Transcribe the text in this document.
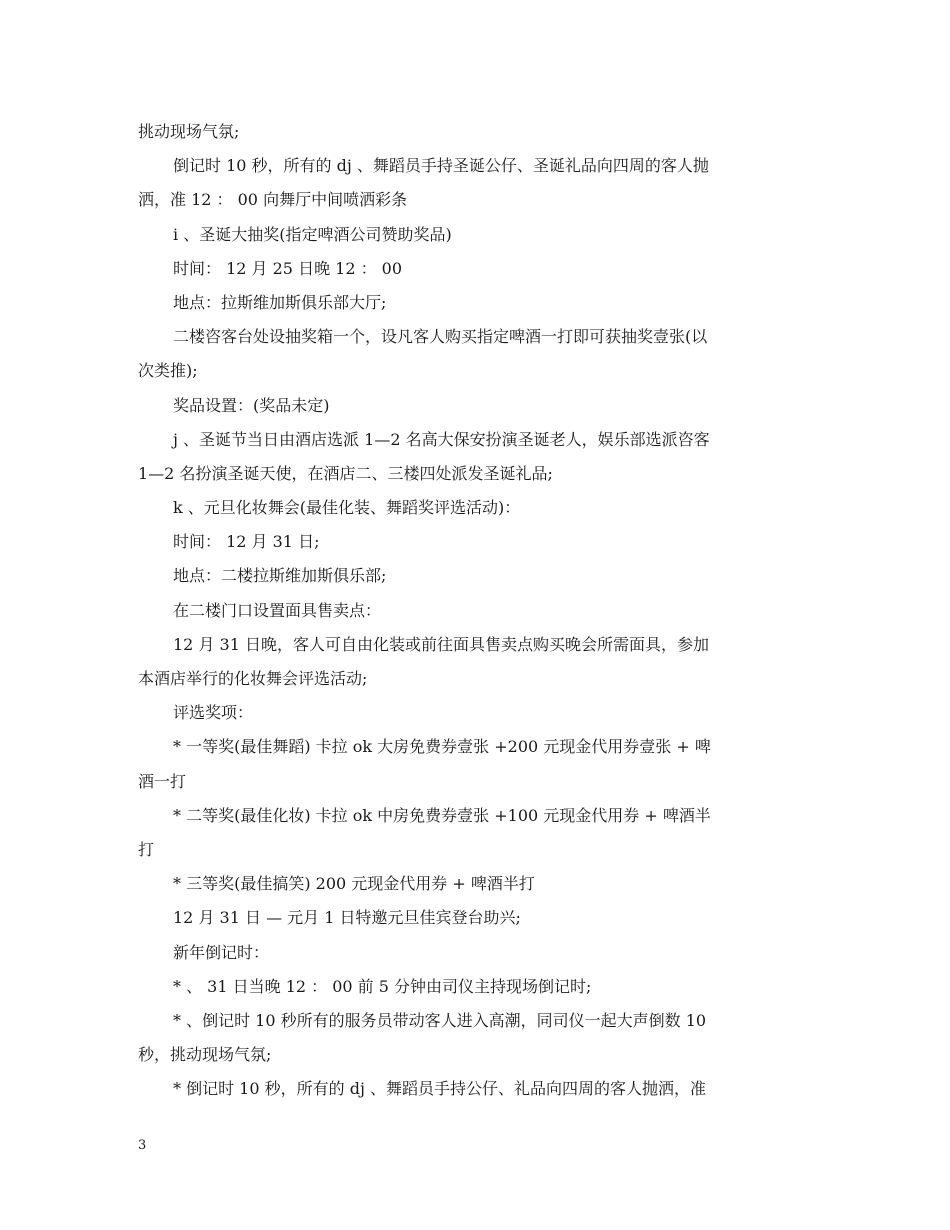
挑动现场气氛;
倒记时 10 秒，所有的 dj 、舞蹈员手持圣诞公仔、圣诞礼品向四周的客人抛
洒，准 12 ： 00 向舞厅中间喷洒彩条
i 、圣诞大抽奖(指定啤酒公司赞助奖品)
时间： 12 月 25 日晚 12 ： 00
地点：拉斯维加斯俱乐部大厅;
二楼咨客台处设抽奖箱一个，设凡客人购买指定啤酒一打即可获抽奖壹张(以
次类推);
奖品设置：(奖品未定)
j 、圣诞节当日由酒店选派 1—2 名高大保安扮演圣诞老人，娱乐部选派咨客
1—2 名扮演圣诞天使，在酒店二、三楼四处派发圣诞礼品;
k 、元旦化妆舞会(最佳化装、舞蹈奖评选活动)：
时间： 12 月 31 日;
地点：二楼拉斯维加斯俱乐部;
在二楼门口设置面具售卖点：
12 月 31 日晚，客人可自由化装或前往面具售卖点购买晚会所需面具，参加
本酒店举行的化妆舞会评选活动;
评选奖项：
* 一等奖(最佳舞蹈) 卡拉 ok 大房免费券壹张 +200 元现金代用券壹张 + 啤
酒一打
* 二等奖(最佳化妆) 卡拉 ok 中房免费券壹张 +100 元现金代用券 + 啤酒半
打
* 三等奖(最佳搞笑) 200 元现金代用券 + 啤酒半打
12 月 31 日 — 元月 1 日特邀元旦佳宾登台助兴;
新年倒记时：
* 、 31 日当晚 12 ： 00 前 5 分钟由司仪主持现场倒记时;
* 、倒记时 10 秒所有的服务员带动客人进入高潮，同司仪一起大声倒数 10
秒，挑动现场气氛;
* 倒记时 10 秒，所有的 dj 、舞蹈员手持公仔、礼品向四周的客人抛洒，准
3
